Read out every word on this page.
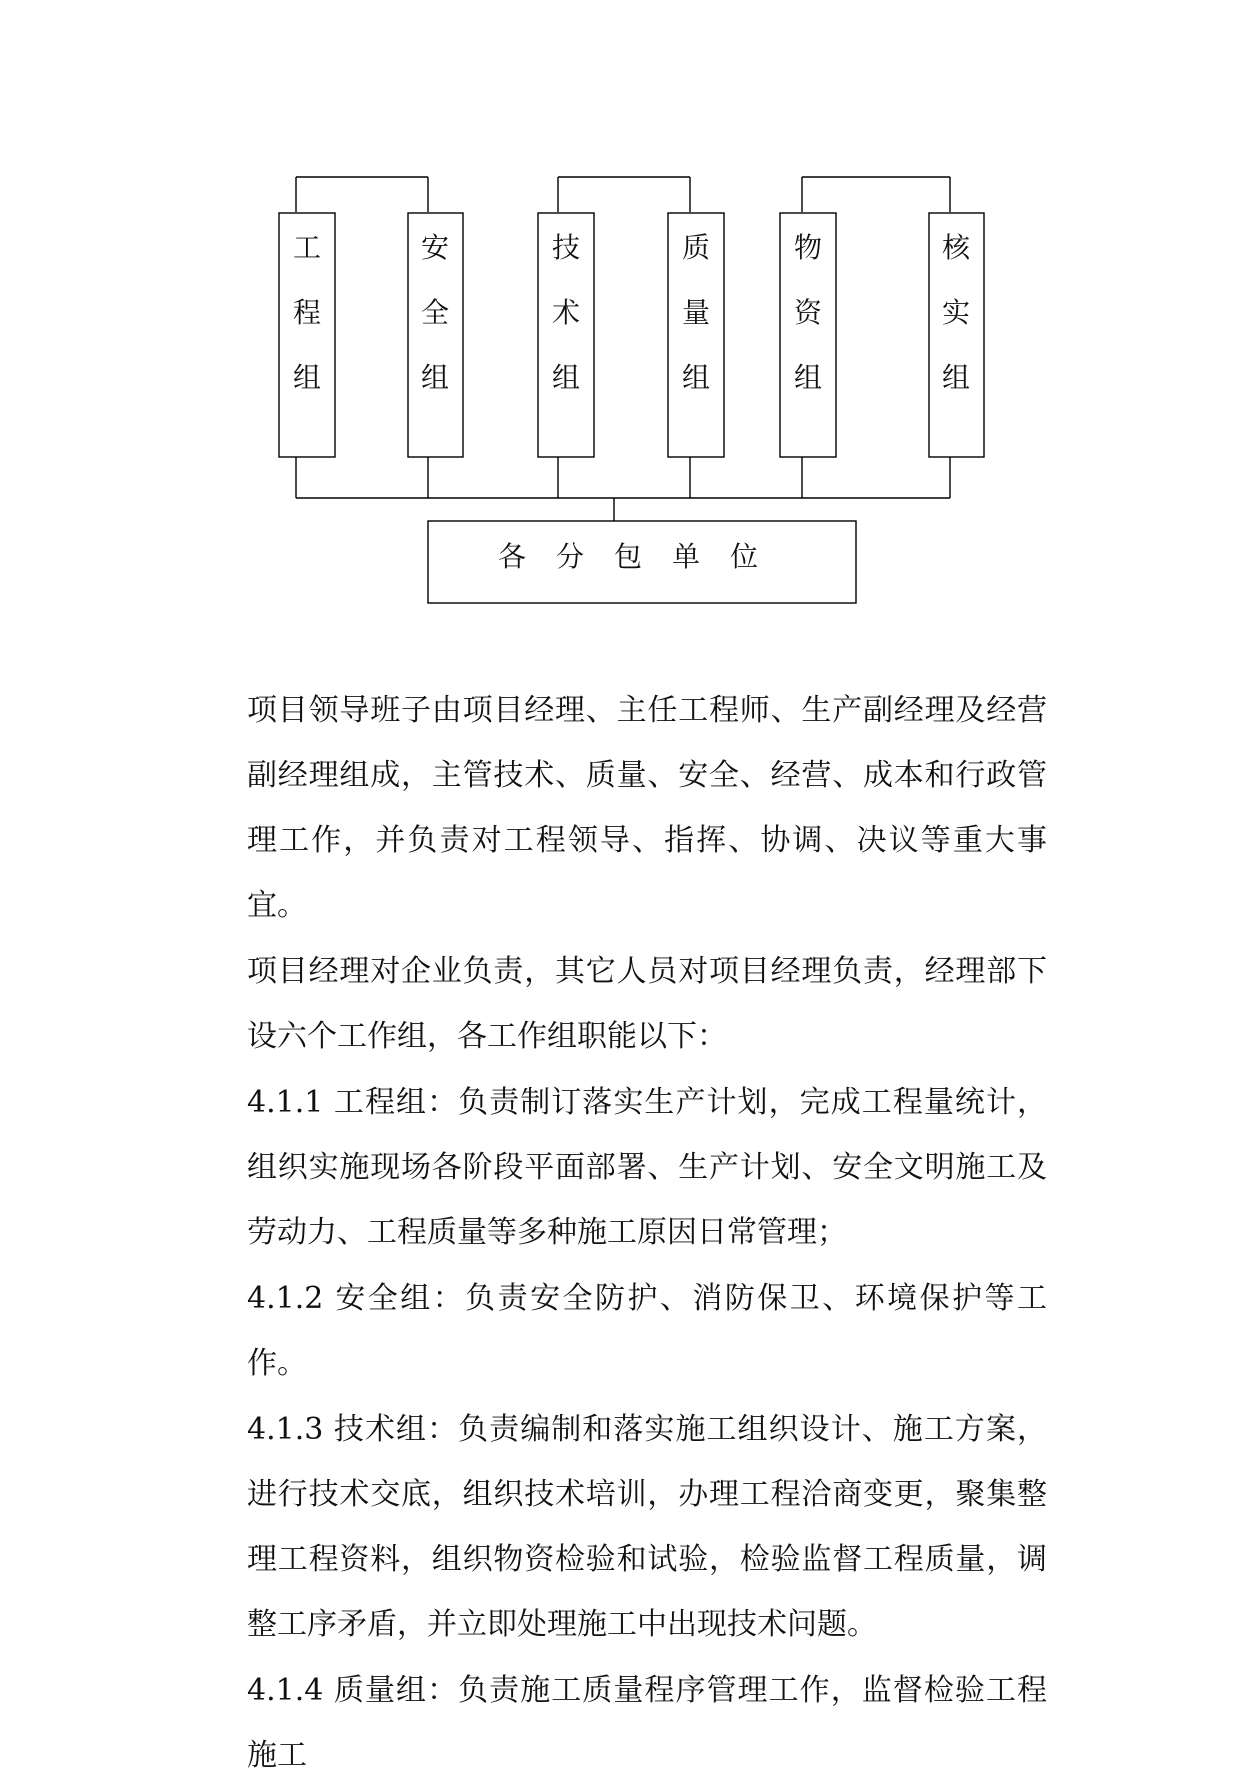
工
程
组
安
全
组
技
术
组
质
量
组
物
资
组
核
实
组
各 分 包 单 位

项目领导班子由项目经理、主任工程师、生产副经理及经营副经理组成，主管技术、质量、安全、经营、成本和行政管理工作，并负责对工程领导、指挥、协调、决议等重大事宜。

项目经理对企业负责，其它人员对项目经理负责，经理部下设六个工作组，各工作组职能以下：

4.1.1 工程组：负责制订落实生产计划，完成工程量统计，组织实施现场各阶段平面部署、生产计划、安全文明施工及劳动力、工程质量等多种施工原因日常管理；

4.1.2 安全组：负责安全防护、消防保卫、环境保护等工作。

4.1.3 技术组：负责编制和落实施工组织设计、施工方案，进行技术交底，组织技术培训，办理工程洽商变更，聚集整理工程资料，组织物资检验和试验，检验监督工程质量，调整工序矛盾，并立即处理施工中出现技术问题。

4.1.4 质量组：负责施工质量程序管理工作，监督检验工程施工
